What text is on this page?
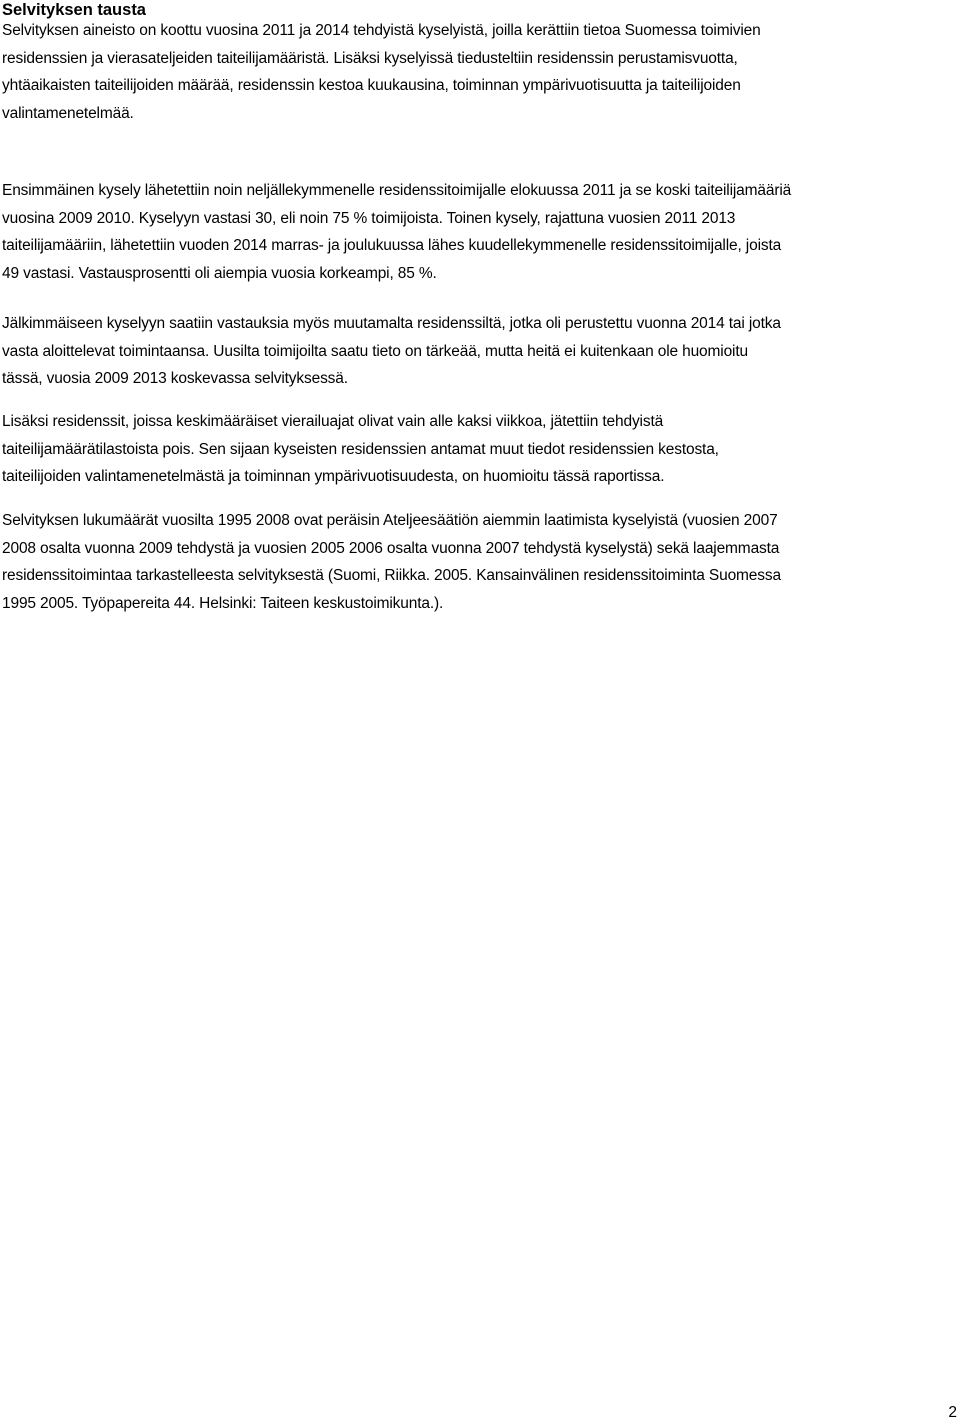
Selvityksen tausta

Selvityksen aineisto on koottu vuosina 2011 ja 2014 tehdyistä kyselyistä, joilla kerättiin tietoa Suomessa toimivien
residenssien ja vierasateljeiden taiteilijamääristä. Lisäksi kyselyissä tiedusteltiin residenssin perustamisvuotta,
yhtäaikaisten taiteilijoiden määrää, residenssin kestoa kuukausina, toiminnan ympärivuotisuutta ja taiteilijoiden
valintamenetelmää.

Ensimmäinen kysely lähetettiin noin neljällekymmenelle residenssitoimijalle elokuussa 2011 ja se koski taiteilijamääriä
vuosina 2009 2010. Kyselyyn vastasi 30, eli noin 75 % toimijoista. Toinen kysely, rajattuna vuosien 2011 2013
taiteilijamääriin, lähetettiin vuoden 2014 marras- ja joulukuussa lähes kuudellekymmenelle residenssitoimijalle, joista
49 vastasi. Vastausprosentti oli aiempia vuosia korkeampi, 85 %.

Jälkimmäiseen kyselyyn saatiin vastauksia myös muutamalta residenssiltä, jotka oli perustettu vuonna 2014 tai jotka
vasta aloittelevat toimintaansa. Uusilta toimijoilta saatu tieto on tärkeää, mutta heitä ei kuitenkaan ole huomioitu
tässä, vuosia 2009 2013 koskevassa selvityksessä.

Lisäksi residenssit, joissa keskimääräiset vierailuajat olivat vain alle kaksi viikkoa, jätettiin tehdyistä
taiteilijamäärätilastoista pois. Sen sijaan kyseisten residenssien antamat muut tiedot residenssien kestosta,
taiteilijoiden valintamenetelmästä ja toiminnan ympärivuotisuudesta, on huomioitu tässä raportissa.

Selvityksen lukumäärät vuosilta 1995 2008 ovat peräisin Ateljeesäätiön aiemmin laatimista kyselyistä (vuosien 2007
2008 osalta vuonna 2009 tehdystä ja vuosien 2005 2006 osalta vuonna 2007 tehdystä kyselystä) sekä laajemmasta
residenssitoimintaa tarkastelleesta selvityksestä (Suomi, Riikka. 2005. Kansainvälinen residenssitoiminta Suomessa
1995 2005. Työpapereita 44. Helsinki: Taiteen keskustoimikunta.).

2
